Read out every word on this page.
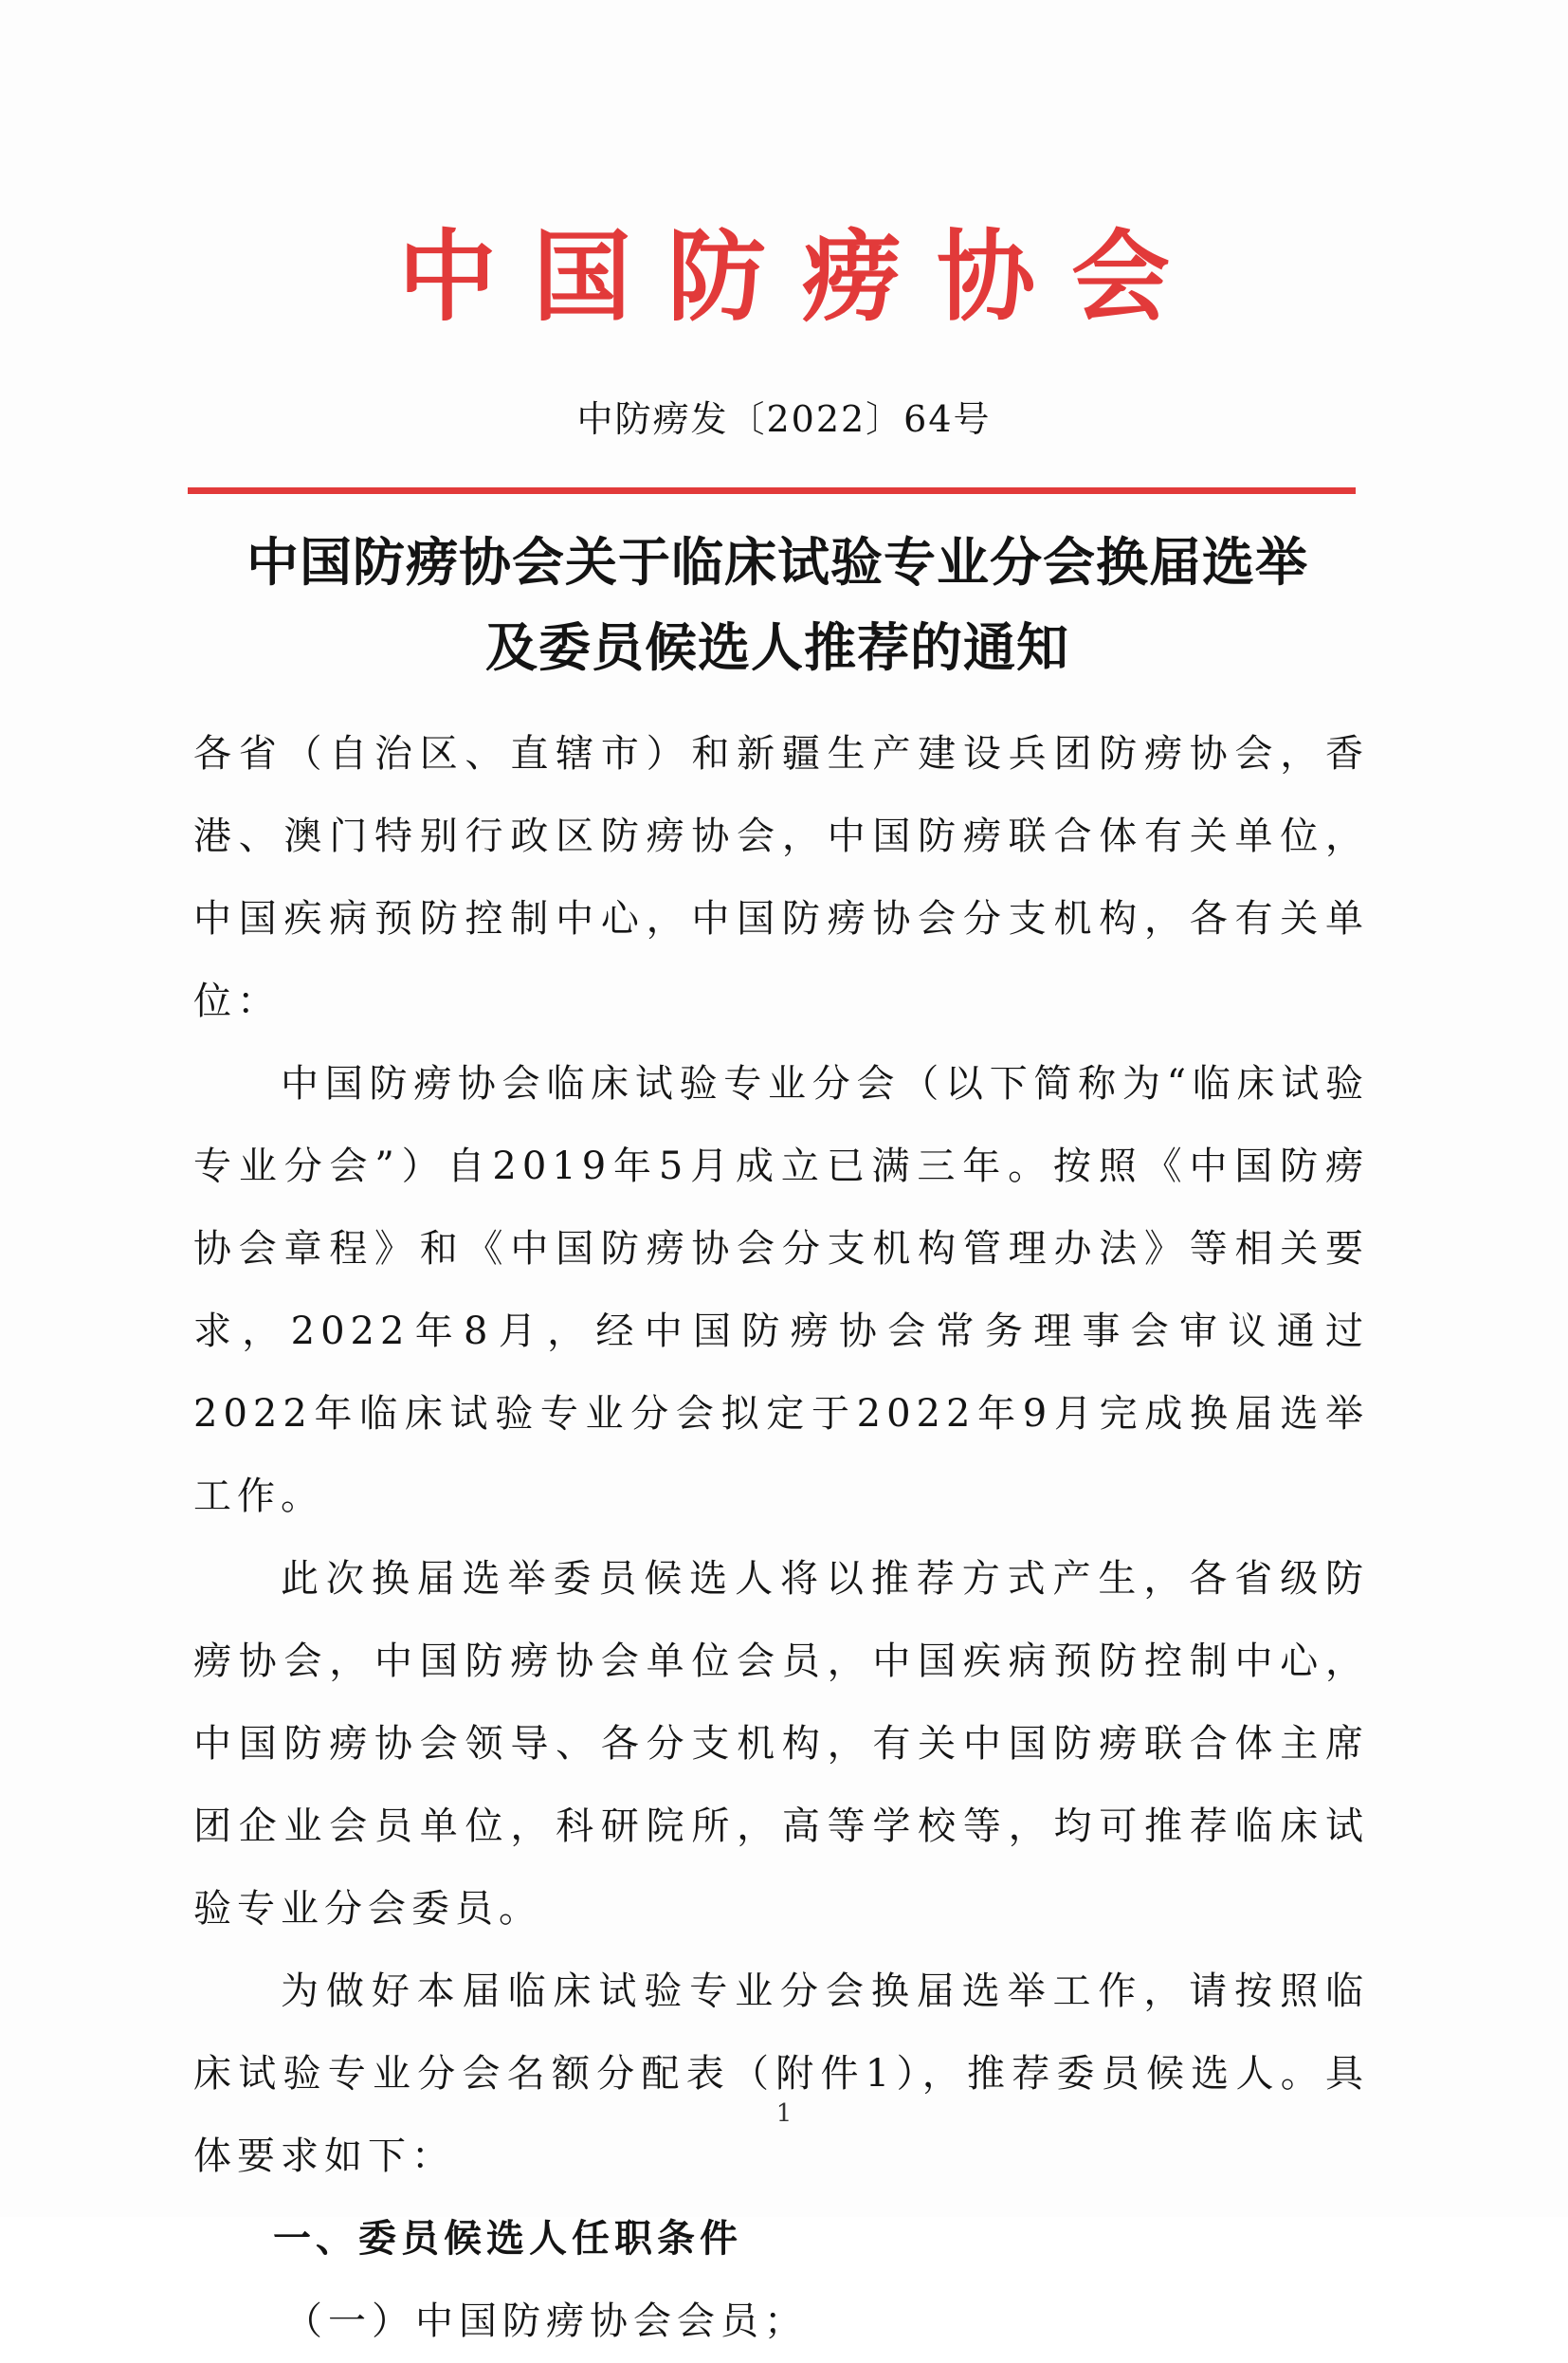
中国防痨协会
中防痨发〔2022〕64号
中国防痨协会关于临床试验专业分会换届选举
及委员候选人推荐的通知

各省（自治区、直辖市）和新疆生产建设兵团防痨协会，香港、澳门特别行政区防痨协会，中国防痨联合体有关单位，中国疾病预防控制中心，中国防痨协会分支机构，各有关单位：

中国防痨协会临床试验专业分会（以下简称为“临床试验专业分会”）自2019年5月成立已满三年。按照《中国防痨协会章程》和《中国防痨协会分支机构管理办法》等相关要求，2022年8月，经中国防痨协会常务理事会审议通过2022年临床试验专业分会拟定于2022年9月完成换届选举工作。

此次换届选举委员候选人将以推荐方式产生，各省级防痨协会，中国防痨协会单位会员，中国疾病预防控制中心，中国防痨协会领导、各分支机构，有关中国防痨联合体主席团企业会员单位，科研院所，高等学校等，均可推荐临床试验专业分会委员。

为做好本届临床试验专业分会换届选举工作，请按照临床试验专业分会名额分配表（附件1），推荐委员候选人。具体要求如下：

一、委员候选人任职条件

（一）中国防痨协会会员；

1
